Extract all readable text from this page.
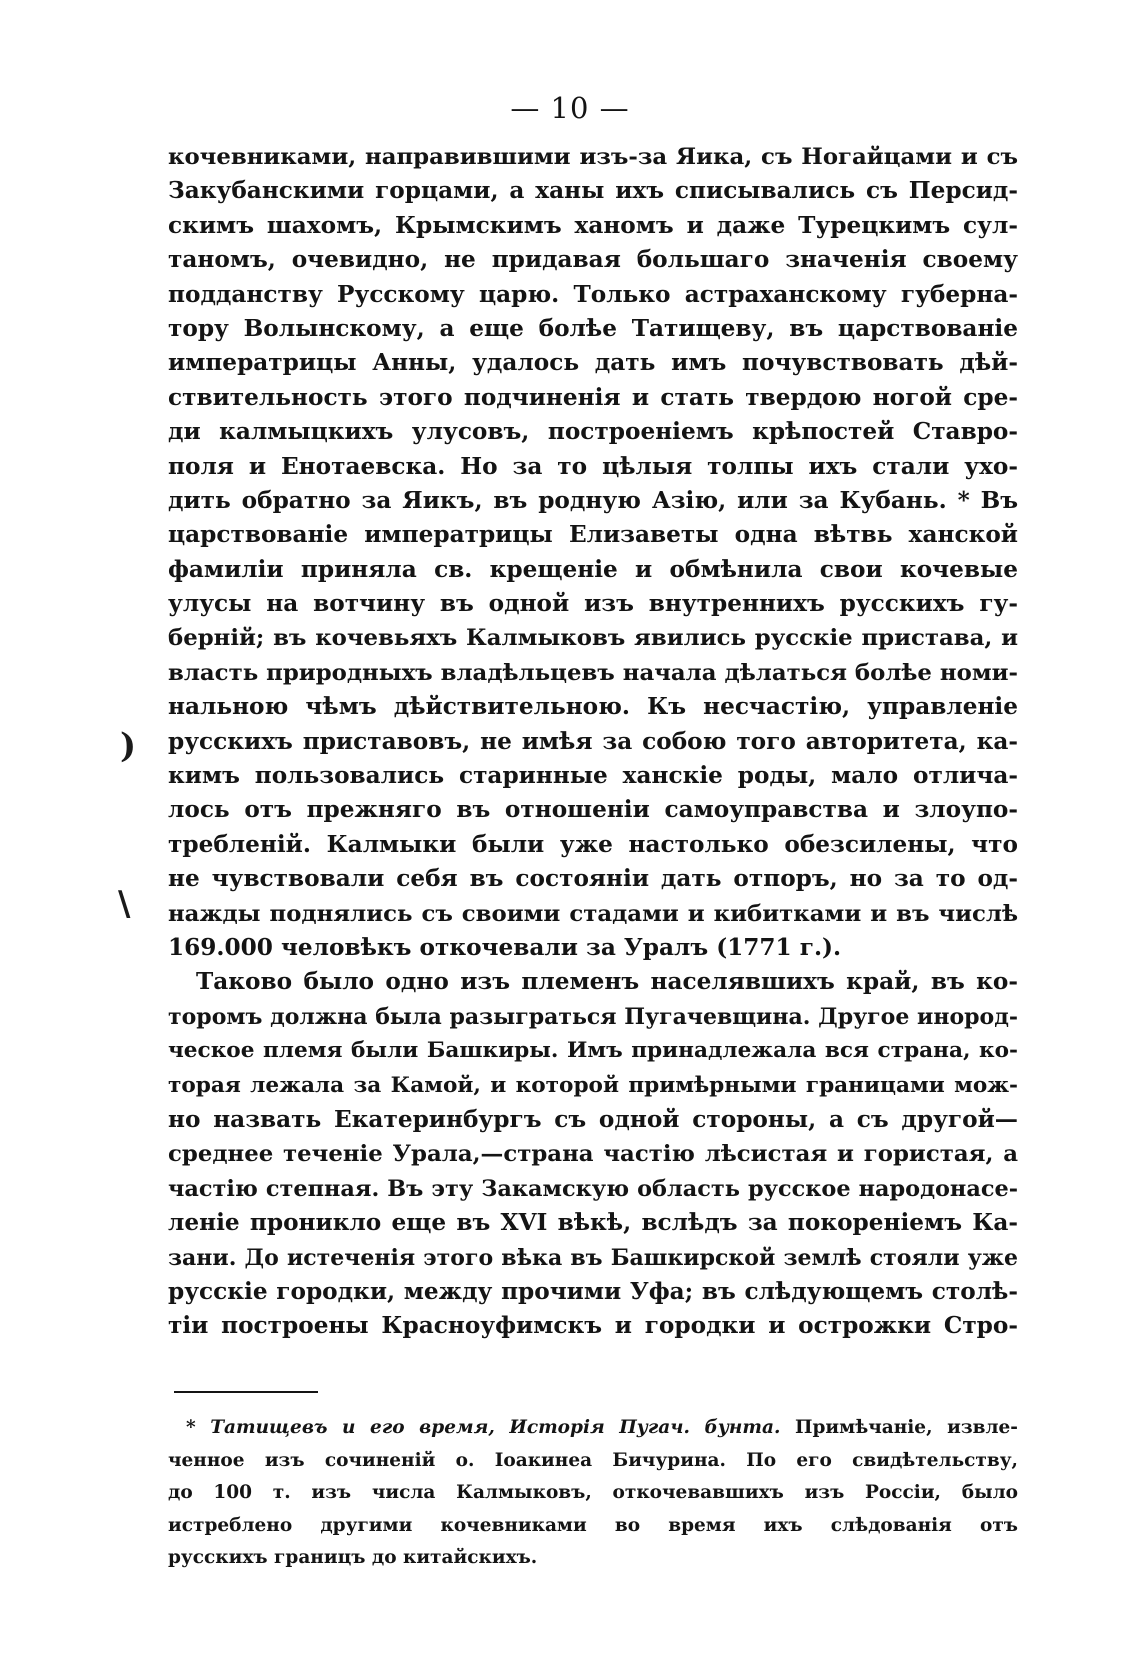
— 10 —
кочевниками, направившими изъ-за Яика, съ Ногайцами и съ
Закубанскими горцами, а ханы ихъ списывались съ Персид-
скимъ шахомъ, Крымскимъ ханомъ и даже Турецкимъ сул-
таномъ, очевидно, не придавая большаго значенія своему
подданству Русскому царю. Только астраханскому губерна-
тору Волынскому, а еще болѣе Татищеву, въ царствованіе
императрицы Анны, удалось дать имъ почувствовать дѣй-
ствительность этого подчиненія и стать твердою ногой сре-
ди калмыцкихъ улусовъ, построеніемъ крѣпостей Ставро-
поля и Енотаевска. Но за то цѣлыя толпы ихъ стали ухо-
дить обратно за Яикъ, въ родную Азію, или за Кубань. * Въ
царствованіе императрицы Елизаветы одна вѣтвь ханской
фамиліи приняла св. крещеніе и обмѣнила свои кочевые
улусы на вотчину въ одной изъ внутреннихъ русскихъ гу-
берній; въ кочевьяхъ Калмыковъ явились русскіе пристава, и
власть природныхъ владѣльцевъ начала дѣлаться болѣе номи-
нальною чѣмъ дѣйствительною. Къ несчастію, управленіе
русскихъ приставовъ, не имѣя за собою того авторитета, ка-
кимъ пользовались старинные ханскіе роды, мало отлича-
лось отъ прежняго въ отношеніи самоуправства и злоупо-
требленій. Калмыки были уже настолько обезсилены, что
не чувствовали себя въ состояніи дать отпоръ, но за то од-
нажды поднялись съ своими стадами и кибитками и въ числѣ
169.000 человѣкъ откочевали за Уралъ (1771 г.).
Таково было одно изъ племенъ населявшихъ край, въ ко-
торомъ должна была разыграться Пугачевщина. Другое инород-
ческое племя были Башкиры. Имъ принадлежала вся страна, ко-
торая лежала за Камой, и которой примѣрными границами мож-
но назвать Екатеринбургъ съ одной стороны, а съ другой—
среднее теченіе Урала,—страна частію лѣсистая и гористая, а
частію степная. Въ эту Закамскую область русское народонасе-
леніе проникло еще въ XVI вѣкѣ, вслѣдъ за покореніемъ Ка-
зани. До истеченія этого вѣка въ Башкирской землѣ стояли уже
русскіе городки, между прочими Уфа; въ слѣдующемъ столѣ-
тіи построены Красноуфимскъ и городки и острожки Стро-
* Татищевъ и его время, Исторія Пугач. бунта. Примѣчаніе, извле-
ченное изъ сочиненій о. Іоакинеа Бичурина. По его свидѣтельству,
до 100 т. изъ числа Калмыковъ, откочевавшихъ изъ Россіи, было
истреблено другими кочевниками во время ихъ слѣдованія отъ
русскихъ границъ до китайскихъ.
)
\
